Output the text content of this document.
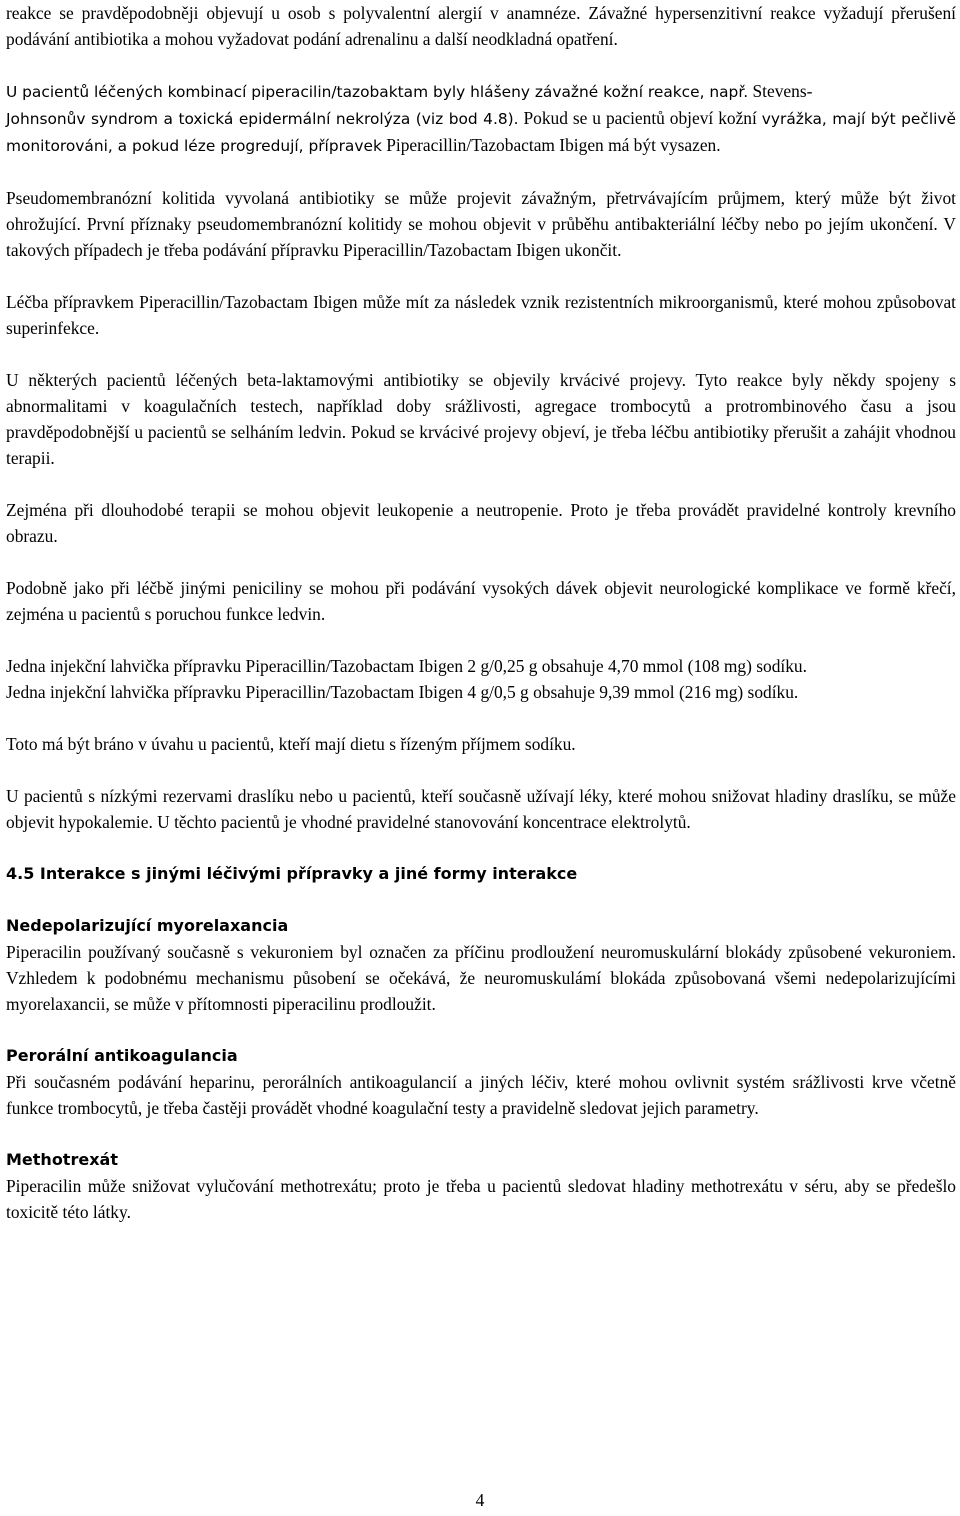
reakce se pravděpodobněji objevují u osob s polyvalentní alergií v anamnéze. Závažné hypersenzitivní reakce vyžadují přerušení podávání antibiotika a mohou vyžadovat podání adrenalinu a další neodkladná opatření.

U pacientů léčených kombinací piperacilin/tazobaktam byly hlášeny závažné kožní reakce, např. Stevens-
Johnsonův syndrom a toxická epidermální nekrolýza (viz bod 4.8). Pokud se u pacientů objeví kožní vyrážka, mají být pečlivě monitorováni, a pokud léze progredují, přípravek Piperacillin/Tazobactam Ibigen má být vysazen.

Pseudomembranózní kolitida vyvolaná antibiotiky se může projevit závažným, přetrvávajícím průjmem, který může být život ohrožující. První příznaky pseudomembranózní kolitidy se mohou objevit v průběhu antibakteriální léčby nebo po jejím ukončení. V takových případech je třeba podávání přípravku Piperacillin/Tazobactam Ibigen ukončit.

Léčba přípravkem Piperacillin/Tazobactam Ibigen může mít za následek vznik rezistentních mikroorganismů, které mohou způsobovat superinfekce.

U některých pacientů léčených beta-laktamovými antibiotiky se objevily krvácivé projevy. Tyto reakce byly někdy spojeny s abnormalitami v koagulačních testech, například doby srážlivosti, agregace trombocytů a protrombinového času a jsou pravděpodobnější u pacientů se selháním ledvin. Pokud se krvácivé projevy objeví, je třeba léčbu antibiotiky přerušit a zahájit vhodnou terapii.

Zejména při dlouhodobé terapii se mohou objevit leukopenie a neutropenie. Proto je třeba provádět pravidelné kontroly krevního obrazu.

Podobně jako při léčbě jinými peniciliny se mohou při podávání vysokých dávek objevit neurologické komplikace ve formě křečí, zejména u pacientů s poruchou funkce ledvin.

Jedna injekční lahvička přípravku Piperacillin/Tazobactam Ibigen 2 g/0,25 g obsahuje 4,70 mmol (108 mg) sodíku.

Jedna injekční lahvička přípravku Piperacillin/Tazobactam Ibigen 4 g/0,5 g obsahuje 9,39 mmol (216 mg) sodíku.

Toto má být bráno v úvahu u pacientů, kteří mají dietu s řízeným příjmem sodíku.

U pacientů s nízkými rezervami draslíku nebo u pacientů, kteří současně užívají léky, které mohou snižovat hladiny draslíku, se může objevit hypokalemie. U těchto pacientů je vhodné pravidelné stanovování koncentrace elektrolytů.

4.5 Interakce s jinými léčivými přípravky a jiné formy interakce

Nedepolarizující myorelaxancia

Piperacilin používaný současně s vekuroniem byl označen za příčinu prodloužení neuromuskulární blokády způsobené vekuroniem. Vzhledem k podobnému mechanismu působení se očekává, že neuromuskulámí blokáda způsobovaná všemi nedepolarizujícími myorelaxancii, se může v přítomnosti piperacilinu prodloužit.

Perorální antikoagulancia

Při současném podávání heparinu, perorálních antikoagulancií a jiných léčiv, které mohou ovlivnit systém srážlivosti krve včetně funkce trombocytů, je třeba častěji provádět vhodné koagulační testy a pravidelně sledovat jejich parametry.

Methotrexát

Piperacilin může snižovat vylučování methotrexátu; proto je třeba u pacientů sledovat hladiny methotrexátu v séru, aby se předešlo toxicitě této látky.

4
